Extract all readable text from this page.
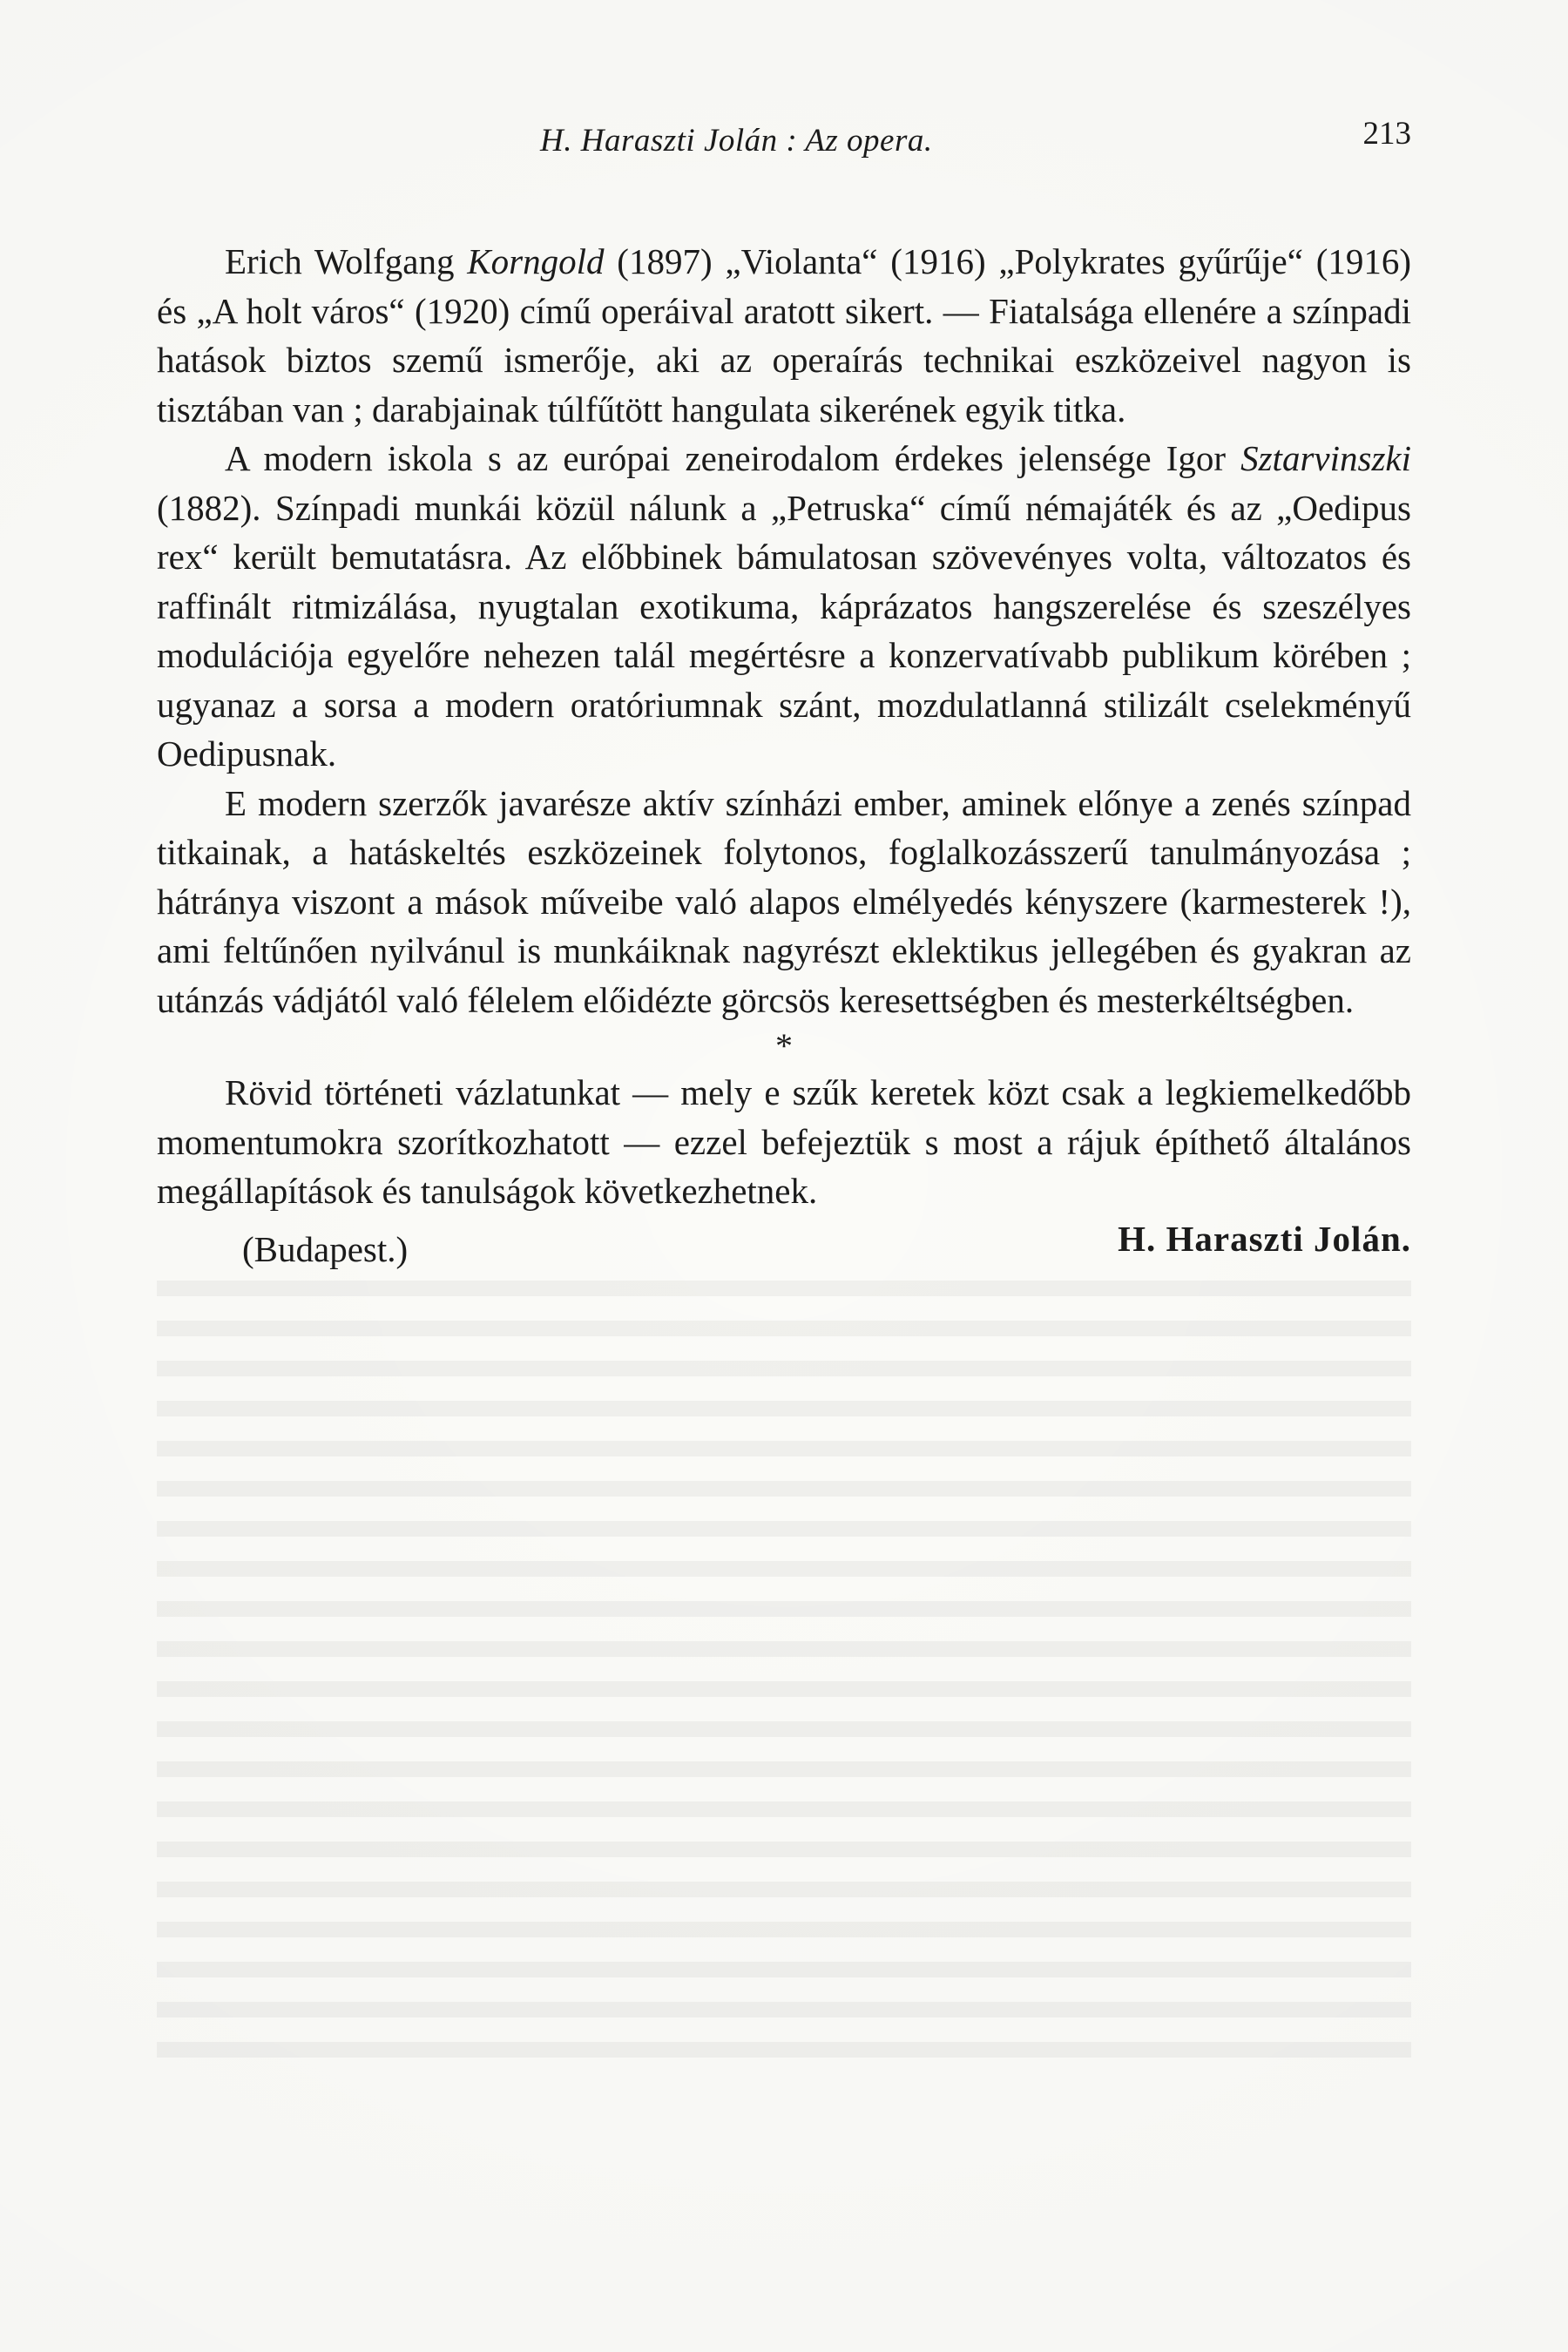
H. Haraszti Jolán : Az opera.	213

Erich Wolfgang Korngold (1897) „Violanta“ (1916) „Polykrates gyűrűje“ (1916) és „A holt város“ (1920) című operáival aratott sikert. — Fiatalsága ellenére a színpadi hatások biztos szemű ismerője, aki az operaírás technikai eszközeivel nagyon is tisztában van ; darabjainak túlfűtött hangulata sikerének egyik titka.

A modern iskola s az európai zeneirodalom érdekes jelensége Igor Sztarvinszki (1882). Színpadi munkái közül nálunk a „Petruska“ című némajáték és az „Oedipus rex“ került bemutatásra. Az előbbinek bámulatosan szövevényes volta, változatos és raffinált ritmizálása, nyugtalan exotikuma, káprázatos hangszerelése és szeszélyes modulációja egyelőre nehezen talál megértésre a konzervatívabb publikum körében ; ugyanaz a sorsa a modern oratóriumnak szánt, mozdulatlanná stilizált cselekményű Oedipusnak.

E modern szerzők javarésze aktív színházi ember, aminek előnye a zenés színpad titkainak, a hatáskeltés eszközeinek folytonos, foglalkozásszerű tanulmányozása ; hátránya viszont a mások műveibe való alapos elmélyedés kényszere (karmesterek !), ami feltűnően nyilvánul is munkáiknak nagyrészt eklektikus jellegében és gyakran az utánzás vádjától való félelem előidézte görcsös keresettségben és mesterkéltségben.

*

Rövid történeti vázlatunkat — mely e szűk keretek közt csak a legkiemelkedőbb momentumokra szorítkozhatott — ezzel befejeztük s most a rájuk építhető általános megállapítások és tanulságok következhetnek.

(Budapest.)	H. Haraszti Jolán.
